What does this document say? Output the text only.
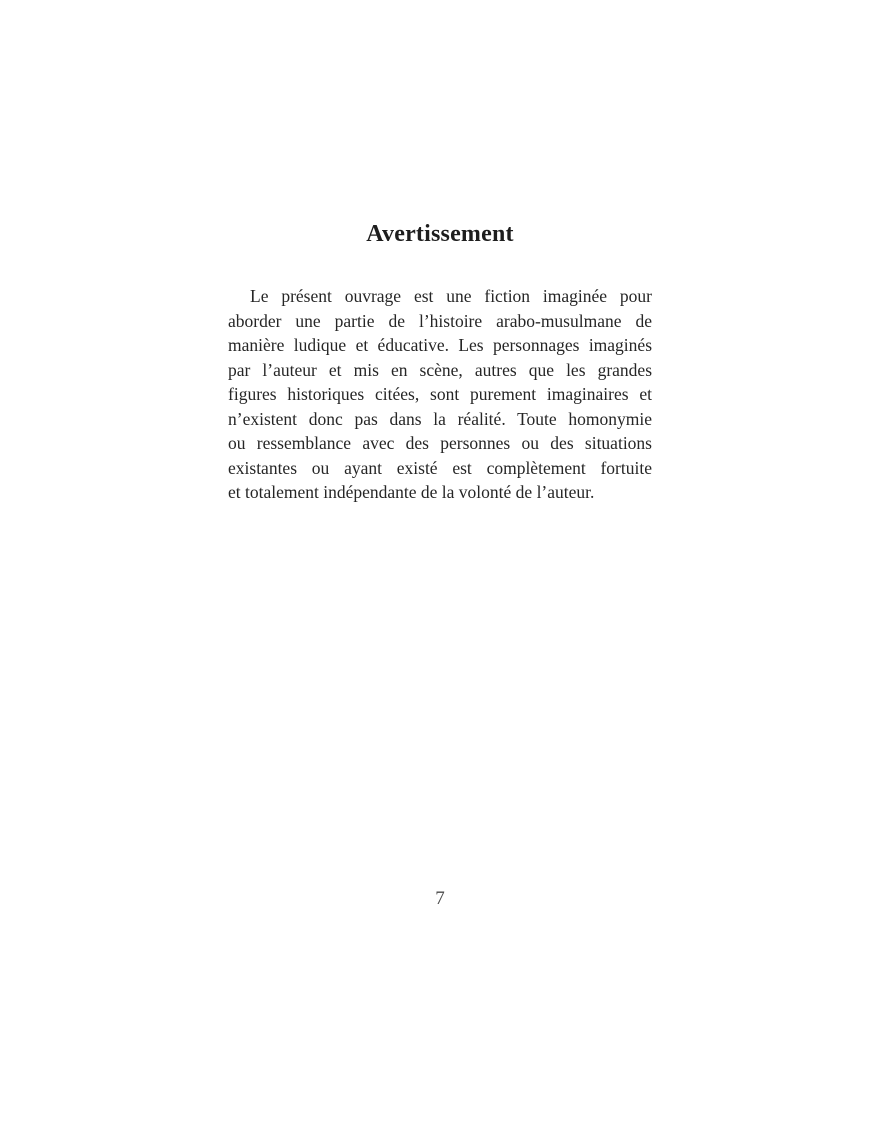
Avertissement
Le présent ouvrage est une fiction imaginée pour
aborder une partie de l’histoire arabo-musulmane de
manière ludique et éducative. Les personnages imaginés
par l’auteur et mis en scène, autres que les grandes
figures historiques citées, sont purement imaginaires et
n’existent donc pas dans la réalité. Toute homonymie
ou ressemblance avec des personnes ou des situations
existantes ou ayant existé est complètement fortuite
et totalement indépendante de la volonté de l’auteur.
7
